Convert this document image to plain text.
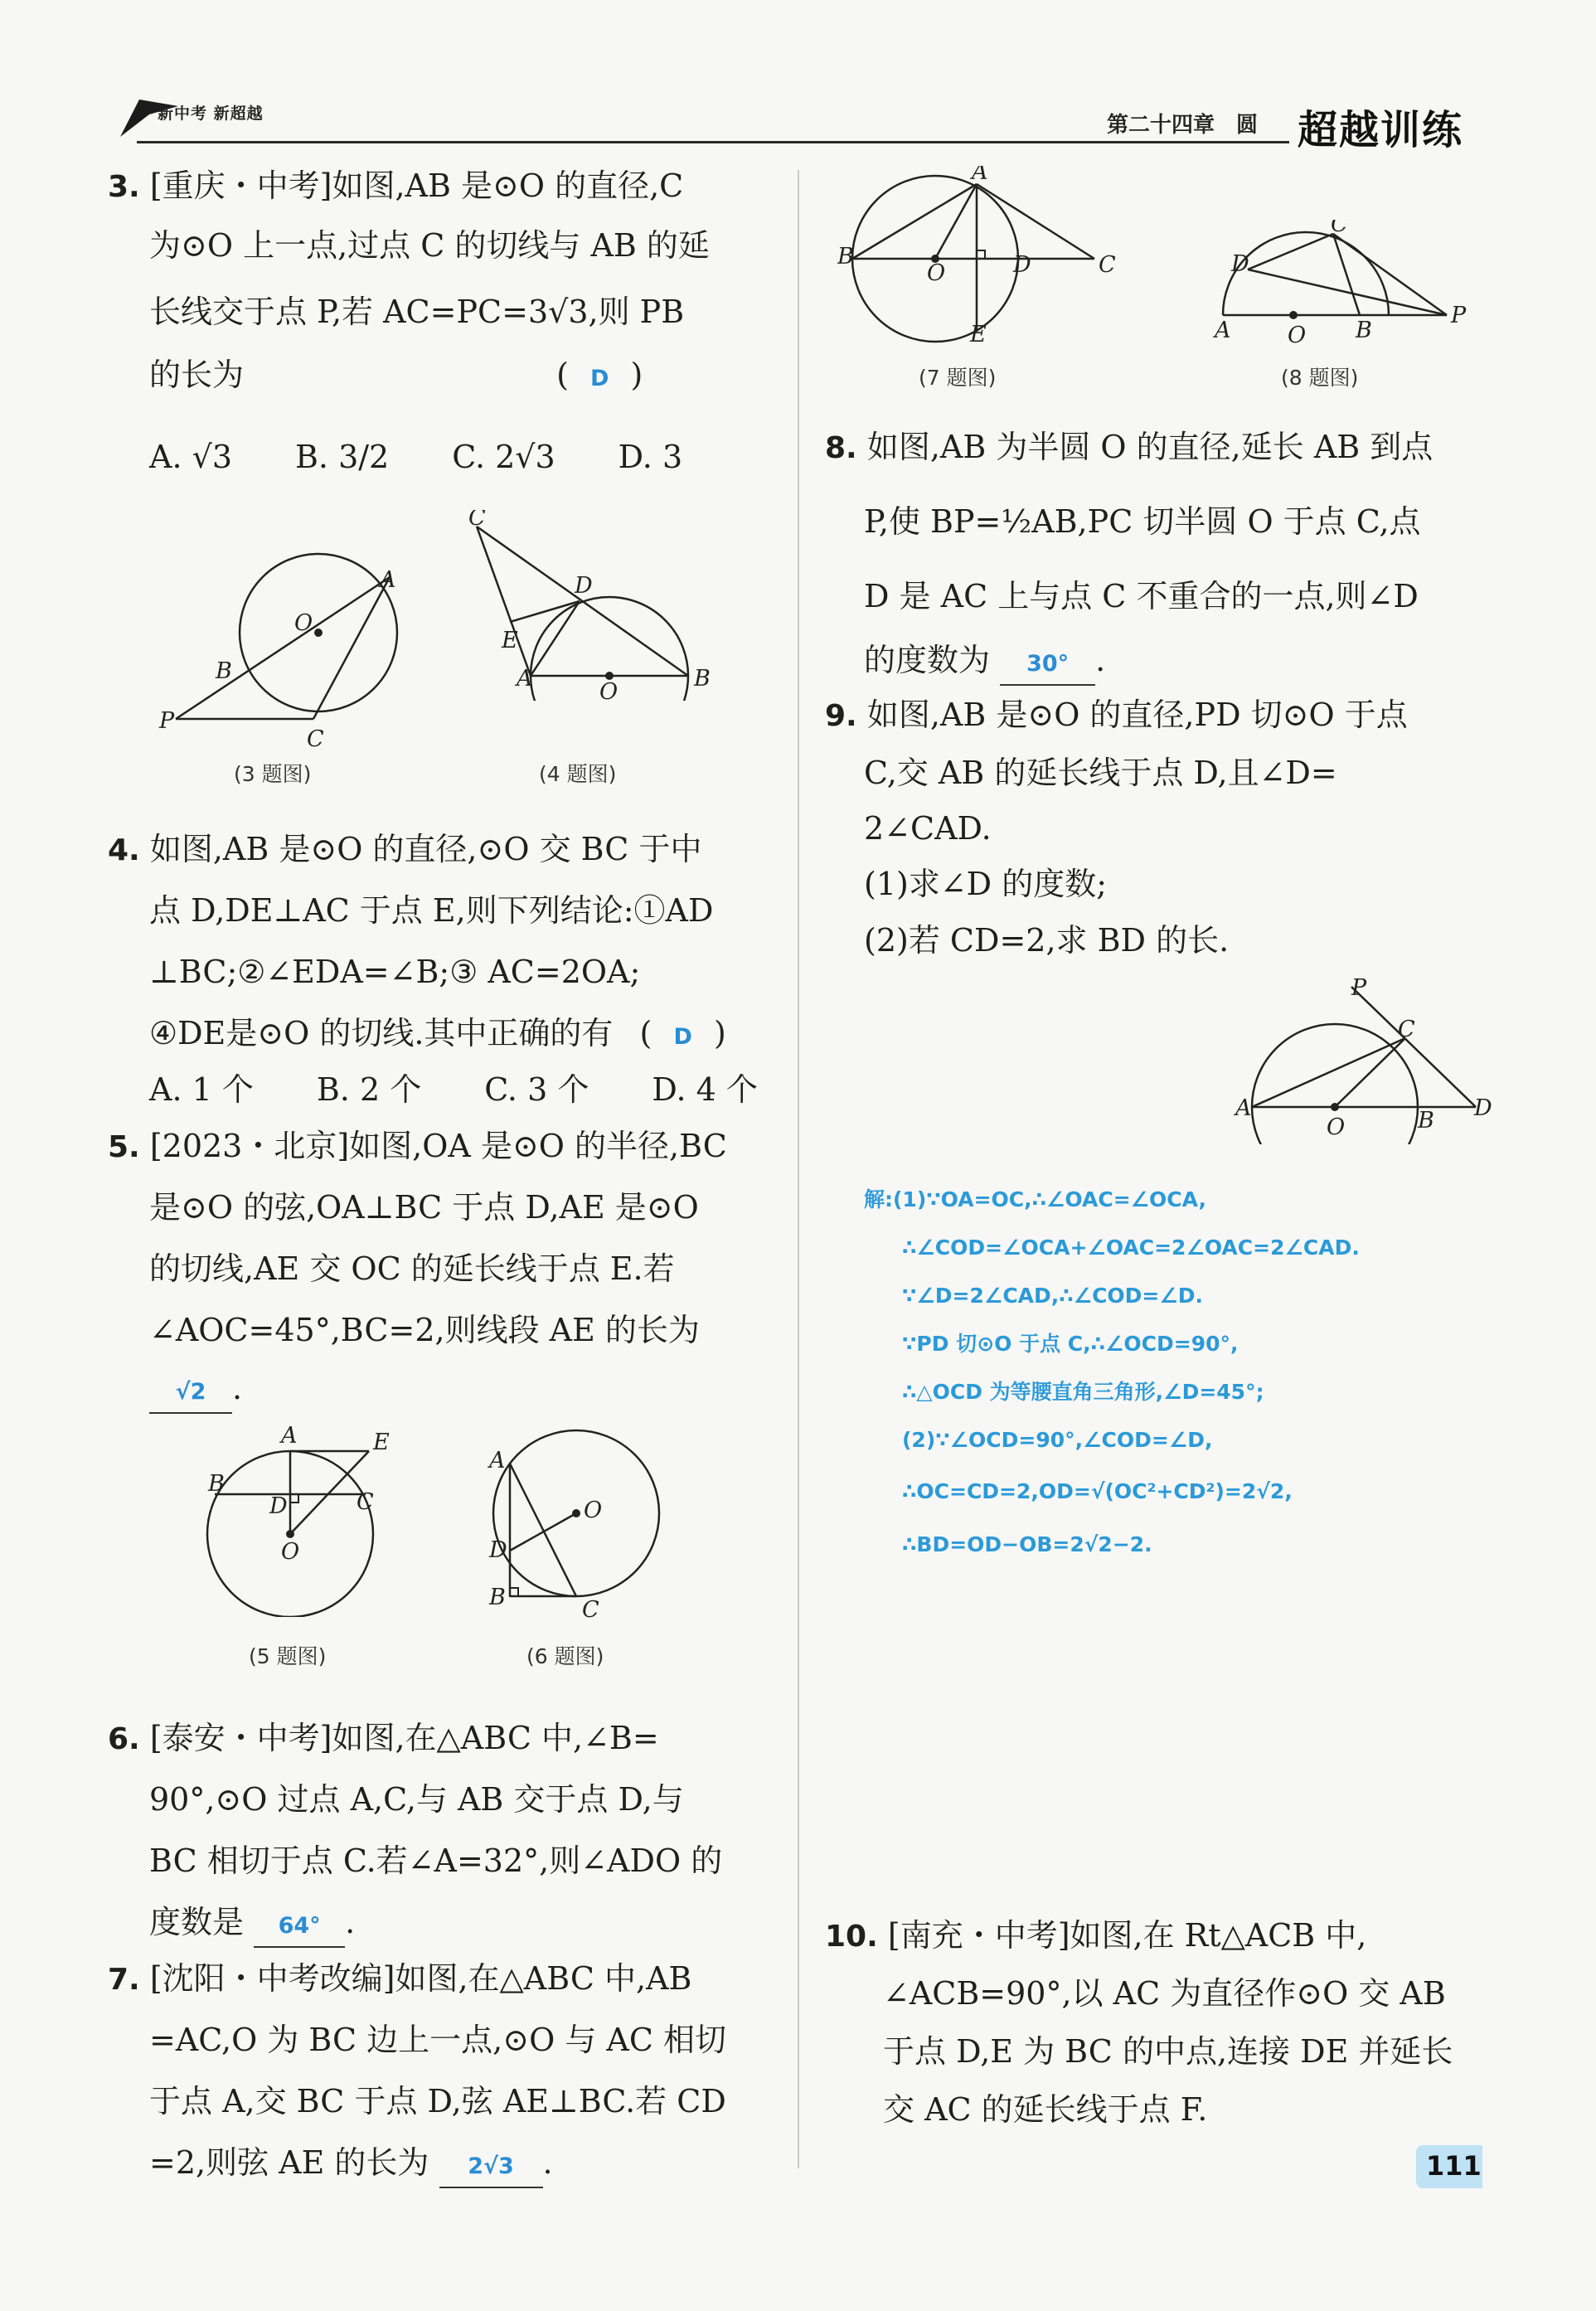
新中考 新超越	第二十四章　圆 超越训练
3. [重庆・中考]如图,AB 是⊙O 的直径,C
为⊙O 上一点,过点 C 的切线与 AB 的延
长线交于点 P,若 AC=PC=3√3,则 PB
的长为	( D )
A. √3　　B. 3/2　　C. 2√3　　D. 3
A
B
C
O
P
(3 题图)
C
D
E
A
O
B
(4 题图)
4. 如图,AB 是⊙O 的直径,⊙O 交 BC 于中
点 D,DE⊥AC 于点 E,则下列结论:①AD
⊥BC;②∠EDA=∠B;③ AC=2OA;
④DE是⊙O 的切线.其中正确的有 ( D )
A. 1 个　　B. 2 个　　C. 3 个　　D. 4 个
5. [2023・北京]如图,OA 是⊙O 的半径,BC
是⊙O 的弦,OA⊥BC 于点 D,AE 是⊙O
的切线,AE 交 OC 的延长线于点 E.若
∠AOC=45°,BC=2,则线段 AE 的长为
√2 .
A	E
B
D	C
O
(5 题图)
A
D
B	C
O
(6 题图)
6. [泰安・中考]如图,在△ABC 中,∠B=
90°,⊙O 过点 A,C,与 AB 交于点 D,与
BC 相切于点 C.若∠A=32°,则∠ADO 的
度数是 64° .
7. [沈阳・中考改编]如图,在△ABC 中,AB
=AC,O 为 BC 边上一点,⊙O 与 AC 相切
于点 A,交 BC 于点 D,弦 AE⊥BC.若 CD
=2,则弦 AE 的长为 2√3 .
A
B
O	D	C
E
(7 题图)
C
D
A	O B
P
(8 题图)
8. 如图,AB 为半圆 O 的直径,延长 AB 到点
P,使 BP=½AB,PC 切半圆 O 于点 C,点
D 是 AC 上与点 C 不重合的一点,则∠D
的度数为 30° .
9. 如图,AB 是⊙O 的直径,PD 切⊙O 于点
C,交 AB 的延长线于点 D,且∠D=
2∠CAD.
(1)求∠D 的度数;
(2)若 CD=2,求 BD 的长.
P
C
A
O	B D
解:(1)∵OA=OC,∴∠OAC=∠OCA,
∴∠COD=∠OCA+∠OAC=2∠OAC=2∠CAD.
∵∠D=2∠CAD,∴∠COD=∠D.
∵PD 切⊙O 于点 C,∴∠OCD=90°,
∴△OCD 为等腰直角三角形,∠D=45°;
(2)∵∠OCD=90°,∠COD=∠D,
∴OC=CD=2,OD=√(OC²+CD²)=2√2,
∴BD=OD−OB=2√2−2.
10. [南充・中考]如图,在 Rt△ACB 中,
∠ACB=90°,以 AC 为直径作⊙O 交 AB
于点 D,E 为 BC 的中点,连接 DE 并延长
交 AC 的延长线于点 F.
111
